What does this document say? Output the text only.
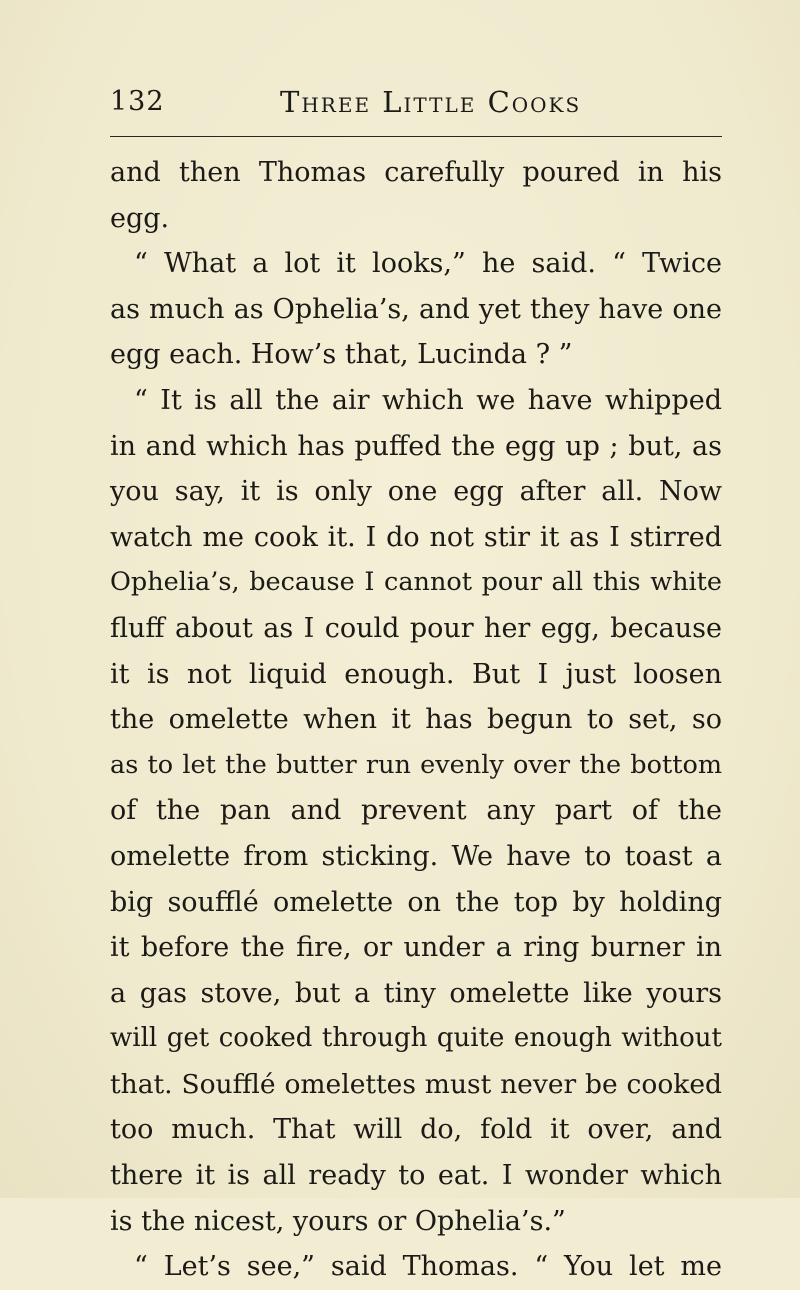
132	Three Little Cooks
and then Thomas carefully poured in his
egg.
“ What a lot it looks,” he said. “ Twice
as much as Ophelia’s, and yet they have one
egg each. How’s that, Lucinda ? ”
“ It is all the air which we have whipped
in and which has puffed the egg up ; but, as
you say, it is only one egg after all. Now
watch me cook it. I do not stir it as I stirred
Ophelia’s, because I cannot pour all this white
fluff about as I could pour her egg, because
it is not liquid enough. But I just loosen
the omelette when it has begun to set, so
as to let the butter run evenly over the bottom
of the pan and prevent any part of the
omelette from sticking. We have to toast a
big soufflé omelette on the top by holding
it before the fire, or under a ring burner in
a gas stove, but a tiny omelette like yours
will get cooked through quite enough without
that. Soufflé omelettes must never be cooked
too much. That will do, fold it over, and
there it is all ready to eat. I wonder which
is the nicest, yours or Ophelia’s.”
“ Let’s see,” said Thomas. “ You let me
